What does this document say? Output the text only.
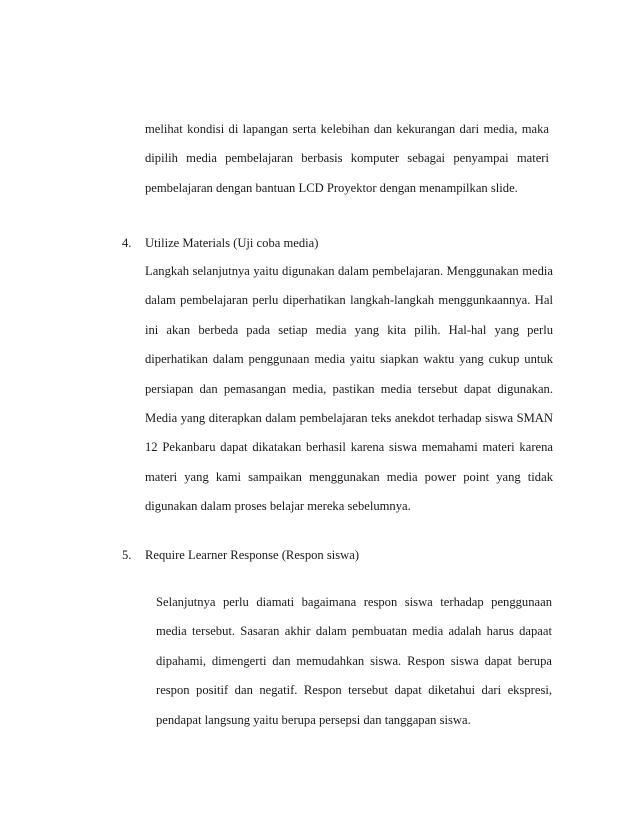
melihat kondisi di lapangan serta kelebihan dan kekurangan dari media, maka
dipilih media pembelajaran berbasis komputer sebagai penyampai materi
pembelajaran dengan bantuan LCD Proyektor dengan menampilkan slide.
4. Utilize Materials (Uji coba media)
Langkah selanjutnya yaitu digunakan dalam pembelajaran. Menggunakan media
dalam pembelajaran perlu diperhatikan langkah-langkah menggunkaannya. Hal
ini akan berbeda pada setiap media yang kita pilih. Hal-hal yang perlu
diperhatikan dalam penggunaan media yaitu siapkan waktu yang cukup untuk
persiapan dan pemasangan media, pastikan media tersebut dapat digunakan.
Media yang diterapkan dalam pembelajaran teks anekdot terhadap siswa SMAN
12 Pekanbaru dapat dikatakan berhasil karena siswa memahami materi karena
materi yang kami sampaikan menggunakan media power point yang tidak
digunakan dalam proses belajar mereka sebelumnya.
5. Require Learner Response (Respon siswa)
Selanjutnya perlu diamati bagaimana respon siswa terhadap penggunaan
media tersebut. Sasaran akhir dalam pembuatan media adalah harus dapaat
dipahami, dimengerti dan memudahkan siswa. Respon siswa dapat berupa
respon positif dan negatif. Respon tersebut dapat diketahui dari ekspresi,
pendapat langsung yaitu berupa persepsi dan tanggapan siswa.
